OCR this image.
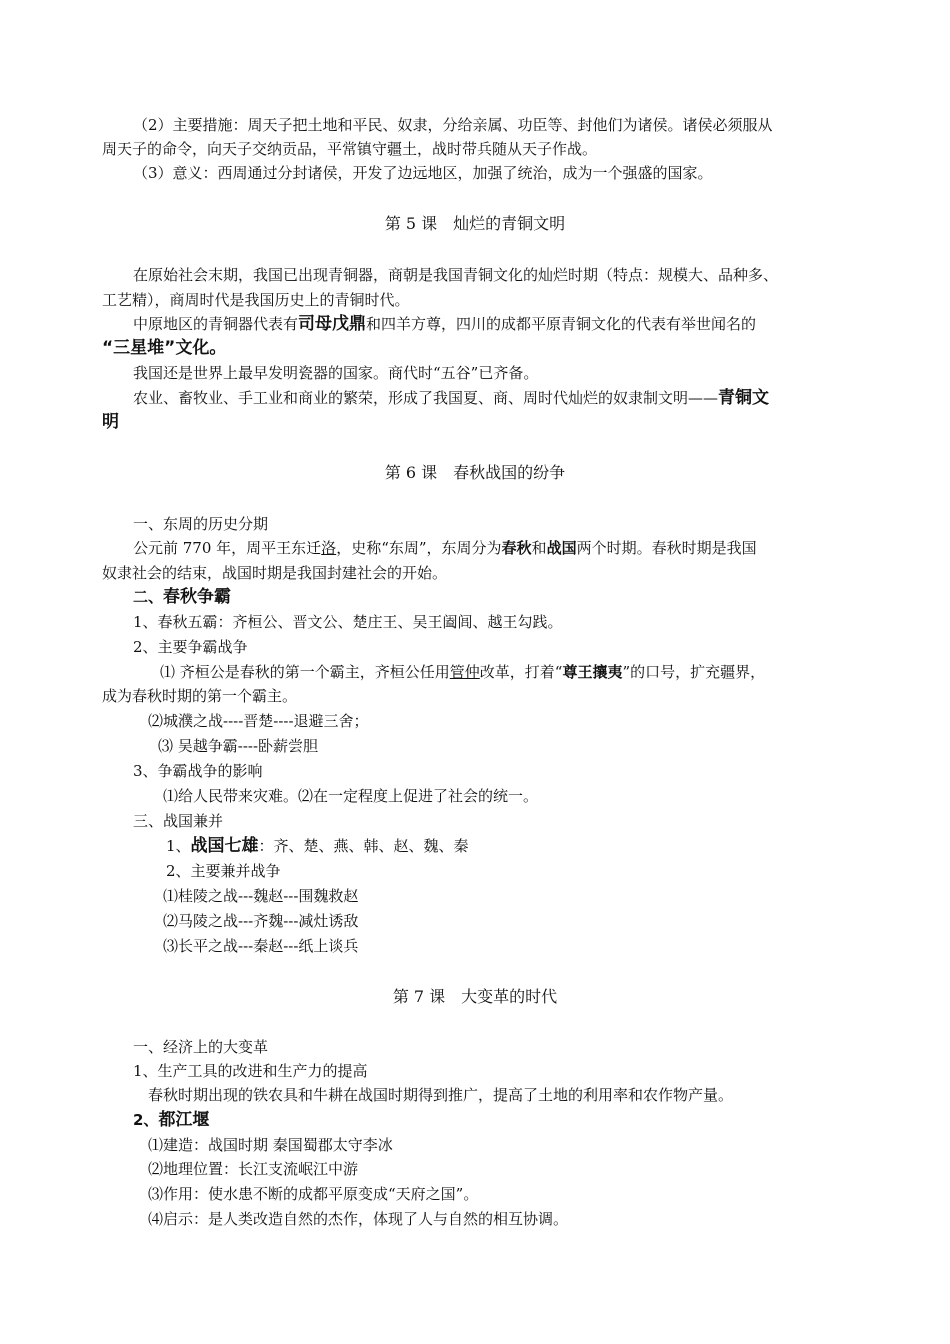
（2）主要措施：周天子把土地和平民、奴隶，分给亲属、功臣等、封他们为诸侯。诸侯必须服从
周天子的命令，向天子交纳贡品，平常镇守疆土，战时带兵随从天子作战。
（3）意义：西周通过分封诸侯，开发了边远地区，加强了统治，成为一个强盛的国家。
第 5 课　灿烂的青铜文明
在原始社会末期，我国已出现青铜器，商朝是我国青铜文化的灿烂时期（特点：规模大、品种多、
工艺精），商周时代是我国历史上的青铜时代。
中原地区的青铜器代表有司母戊鼎和四羊方尊，四川的成都平原青铜文化的代表有举世闻名的
“三星堆”文化。
我国还是世界上最早发明瓷器的国家。商代时“五谷”已齐备。
农业、畜牧业、手工业和商业的繁荣，形成了我国夏、商、周时代灿烂的奴隶制文明——青铜文
明
第 6 课　春秋战国的纷争
一、东周的历史分期
公元前 770 年，周平王东迁洛，史称“东周”，东周分为春秋和战国两个时期。春秋时期是我国
奴隶社会的结束，战国时期是我国封建社会的开始。
二、春秋争霸
1、春秋五霸：齐桓公、晋文公、楚庄王、吴王阖闾、越王勾践。
2、主要争霸战争
⑴ 齐桓公是春秋的第一个霸主，齐桓公任用管仲改革，打着“尊王攘夷”的口号，扩充疆界，
成为春秋时期的第一个霸主。
⑵城濮之战----晋楚----退避三舍；
⑶ 吴越争霸----卧薪尝胆
3、争霸战争的影响
⑴给人民带来灾难。⑵在一定程度上促进了社会的统一。
三、战国兼并
1、战国七雄：齐、楚、燕、韩、赵、魏、秦
2、主要兼并战争
⑴桂陵之战---魏赵---围魏救赵
⑵马陵之战---齐魏---减灶诱敌
⑶长平之战---秦赵---纸上谈兵
第 7 课　大变革的时代
一、经济上的大变革
1、生产工具的改进和生产力的提高
春秋时期出现的铁农具和牛耕在战国时期得到推广，提高了土地的利用率和农作物产量。
2、都江堰
⑴建造：战国时期 秦国蜀郡太守李冰
⑵地理位置：长江支流岷江中游
⑶作用：使水患不断的成都平原变成“天府之国”。
⑷启示：是人类改造自然的杰作，体现了人与自然的相互协调。
